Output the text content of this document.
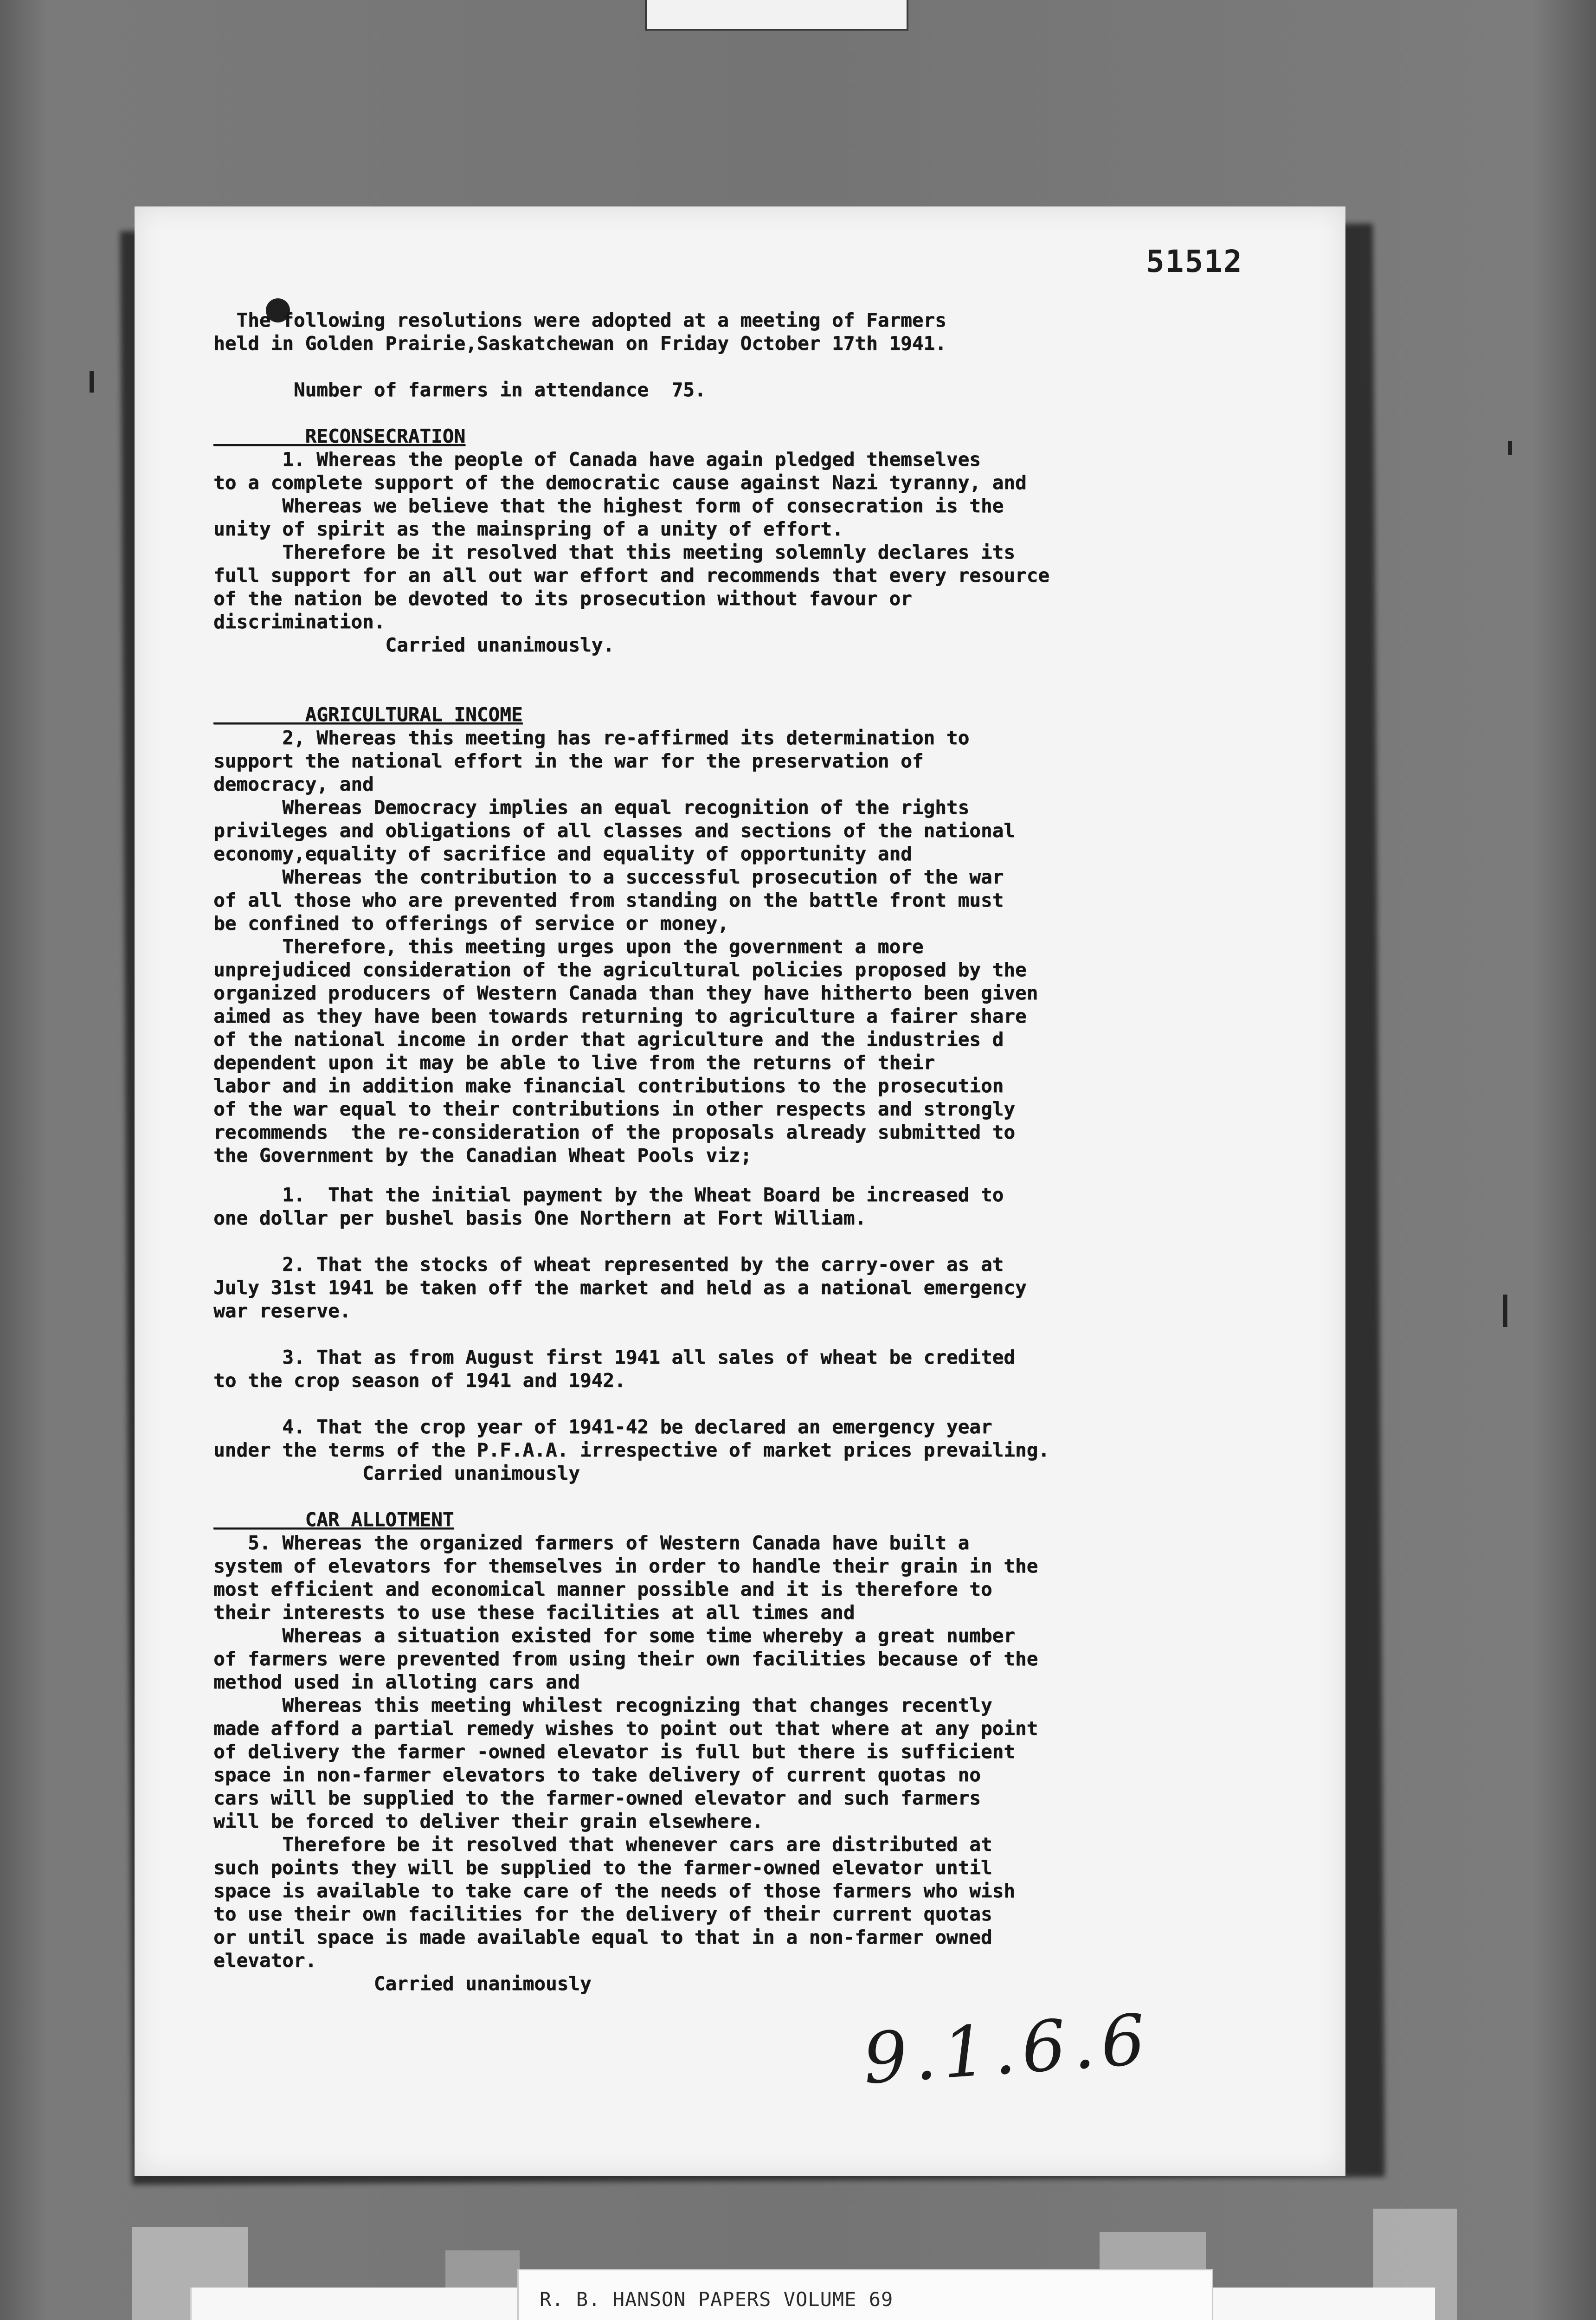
51512
The following resolutions were adopted at a meeting of Farmers
held in Golden Prairie,Saskatchewan on Friday October 17th 1941.

Number of farmers in attendance  75.

RECONSECRATION
1. Whereas the people of Canada have again pledged themselves
to a complete support of the democratic cause against Nazi tyranny, and
Whereas we believe that the highest form of consecration is the
unity of spirit as the mainspring of a unity of effort.
Therefore be it resolved that this meeting solemnly declares its
full support for an all out war effort and recommends that every resource
of the nation be devoted to its prosecution without favour or
discrimination.
Carried unanimously.

AGRICULTURAL INCOME
2, Whereas this meeting has re-affirmed its determination to
support the national effort in the war for the preservation of
democracy, and
Whereas Democracy implies an equal recognition of the rights
privileges and obligations of all classes and sections of the national
economy,equality of sacrifice and equality of opportunity and
Whereas the contribution to a successful prosecution of the war
of all those who are prevented from standing on the battle front must
be confined to offerings of service or money,
Therefore, this meeting urges upon the government a more
unprejudiced consideration of the agricultural policies proposed by the
organized producers of Western Canada than they have hitherto been given
aimed as they have been towards returning to agriculture a fairer share
of the national income in order that agriculture and the industries d
dependent upon it may be able to live from the returns of their
labor and in addition make financial contributions to the prosecution
of the war equal to their contributions in other respects and strongly
recommends  the re-consideration of the proposals already submitted to
the Government by the Canadian Wheat Pools viz;

1.  That the initial payment by the Wheat Board be increased to
one dollar per bushel basis One Northern at Fort William.

2. That the stocks of wheat represented by the carry-over as at
July 31st 1941 be taken off the market and held as a national emergency
war reserve.

3. That as from August first 1941 all sales of wheat be credited
to the crop season of 1941 and 1942.

4. That the crop year of 1941-42 be declared an emergency year
under the terms of the P.F.A.A. irrespective of market prices prevailing.
Carried unanimously

CAR ALLOTMENT
5. Whereas the organized farmers of Western Canada have built a
system of elevators for themselves in order to handle their grain in the
most efficient and economical manner possible and it is therefore to
their interests to use these facilities at all times and
Whereas a situation existed for some time whereby a great number
of farmers were prevented from using their own facilities because of the
method used in alloting cars and
Whereas this meeting whilest recognizing that changes recently
made afford a partial remedy wishes to point out that where at any point
of delivery the farmer -owned elevator is full but there is sufficient
space in non-farmer elevators to take delivery of current quotas no
cars will be supplied to the farmer-owned elevator and such farmers
will be forced to deliver their grain elsewhere.
Therefore be it resolved that whenever cars are distributed at
such points they will be supplied to the farmer-owned elevator until
space is available to take care of the needs of those farmers who wish
to use their own facilities for the delivery of their current quotas
or until space is made available equal to that in a non-farmer owned
elevator.
Carried unanimously

9.1.6.6
R. B. HANSON PAPERS VOLUME 69
